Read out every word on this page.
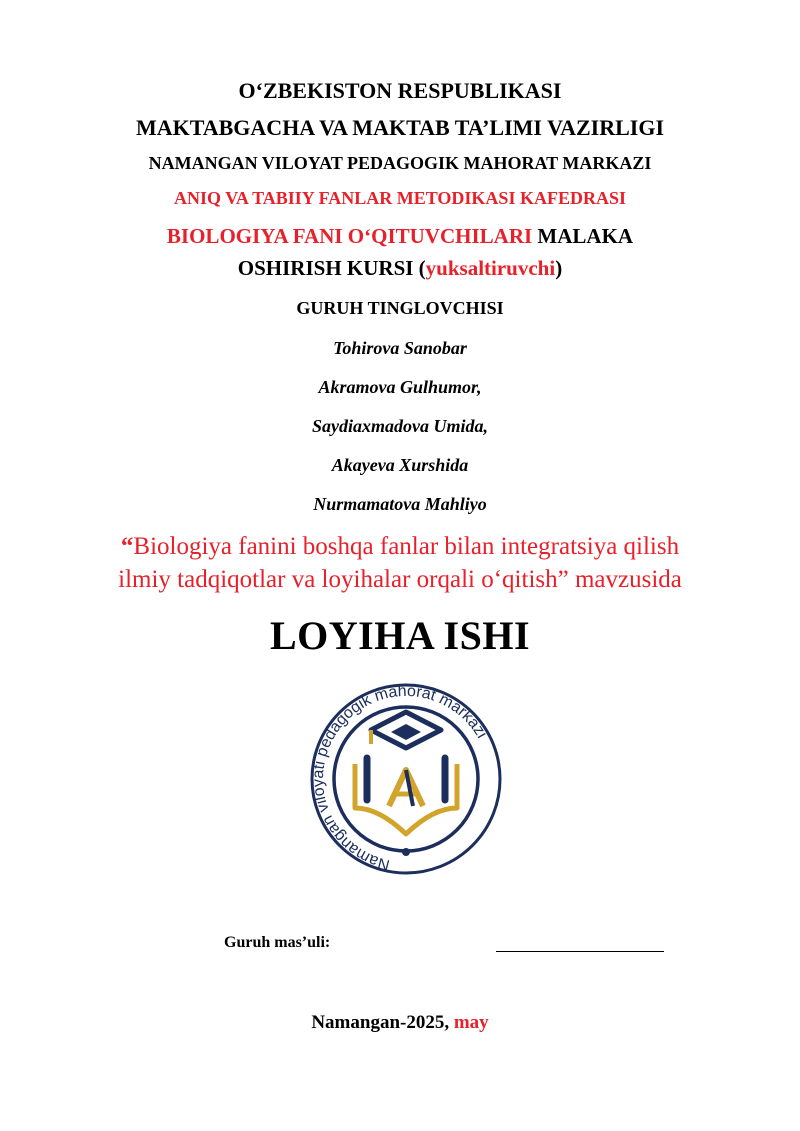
O‘ZBEKISTON RESPUBLIKASI
MAKTABGACHA VA MAKTAB TA’LIMI VAZIRLIGI
NAMANGAN VILOYAT PEDAGOGIK MAHORAT MARKAZI
ANIQ VA TABIIY FANLAR METODIKASI KAFEDRASI
BIOLOGIYA FANI O‘QITUVCHILARI MALAKA
OSHIRISH KURSI (yuksaltiruvchi)
GURUH TINGLOVCHISI
Tohirova Sanobar
Akramova Gulhumor,
Saydiaxmadova Umida,
Akayeva Xurshida
Nurmamatova Mahliyo
“Biologiya fanini boshqa fanlar bilan integratsiya qilish
ilmiy tadqiqotlar va loyihalar orqali o‘qitish” mavzusida
LOYIHA ISHI
Namangan viloyati pedagogik mahorat markazi
Guruh mas’uli:
Namangan-2025, may
